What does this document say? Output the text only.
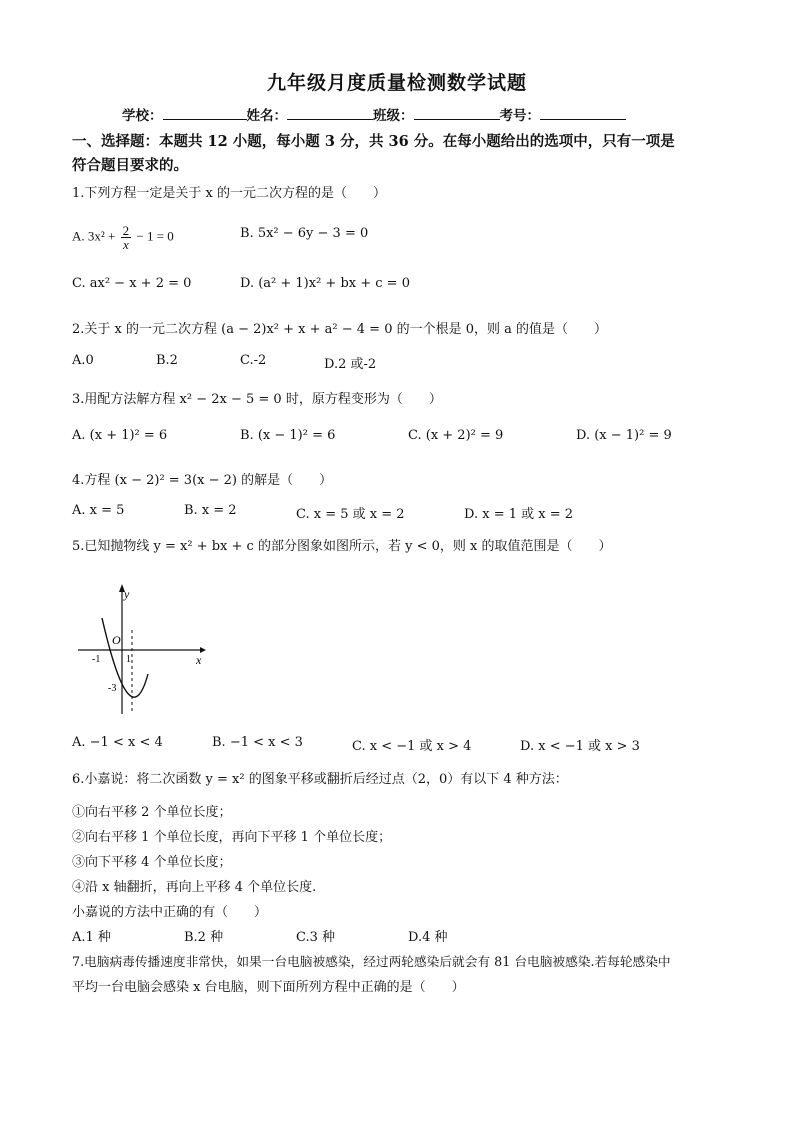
九年级月度质量检测数学试题
学校：	姓名：	班级：	考号：
一、选择题：本题共 12 小题，每小题 3 分，共 36 分。在每小题给出的选项中，只有一项是
符合题目要求的。
1.下列方程一定是关于 x 的一元二次方程的是（　　）
A. $3x^2 + \frac{2}{x} - 1 = 0$	B. 5x² − 6y − 3 = 0
C. ax² − x + 2 = 0	D. (a² + 1)x² + bx + c = 0
2.关于 x 的一元二次方程 (a − 2)x² + x + a² − 4 = 0 的一个根是 0，则 a 的值是（　　）
A.0	B.2	C.-2	D.2 或-2
3.用配方法解方程 x² − 2x − 5 = 0 时，原方程变形为（　　）
A. (x + 1)² = 6	B. (x − 1)² = 6	C. (x + 2)² = 9	D. (x − 1)² = 9
4.方程 (x − 2)² = 3(x − 2) 的解是（　　）
A. x = 5	B. x = 2	C. x = 5 或 x = 2	D. x = 1 或 x = 2
5.已知抛物线 y = x² + bx + c 的部分图象如图所示，若 y < 0，则 x 的取值范围是（　　）
y
x
O
-1	1
-3
A. −1 < x < 4	B. −1 < x < 3	C. x < −1 或 x > 4	D. x < −1 或 x > 3
6.小嘉说：将二次函数 y = x² 的图象平移或翻折后经过点（2，0）有以下 4 种方法：
①向右平移 2 个单位长度；
②向右平移 1 个单位长度，再向下平移 1 个单位长度；
③向下平移 4 个单位长度；
④沿 x 轴翻折，再向上平移 4 个单位长度.
小嘉说的方法中正确的有（　　）
A.1 种	B.2 种	C.3 种	D.4 种
7.电脑病毒传播速度非常快，如果一台电脑被感染，经过两轮感染后就会有 81 台电脑被感染.若每轮感染中
平均一台电脑会感染 x 台电脑，则下面所列方程中正确的是（　　）
